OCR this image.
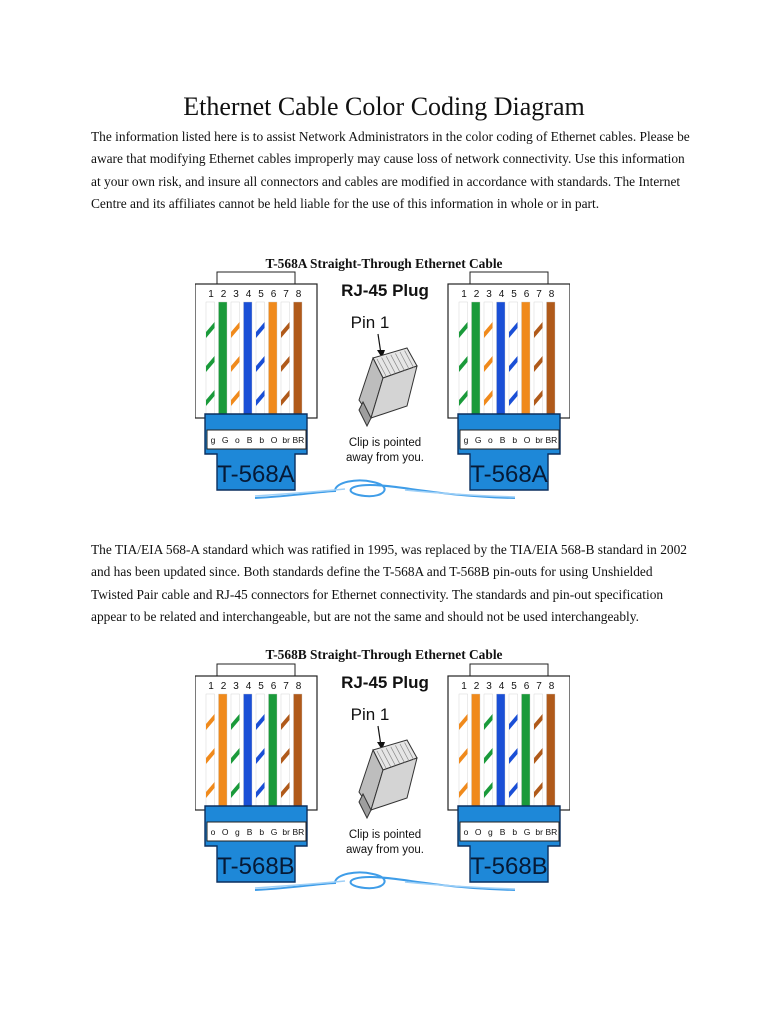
Ethernet Cable Color Coding Diagram

The information listed here is to assist Network Administrators in the color coding of Ethernet cables. Please be aware that modifying Ethernet cables improperly may cause loss of network connectivity. Use this information at your own risk, and insure all connectors and cables are modified in accordance with standards. The Internet Centre and its affiliates cannot be held liable for the use of this information in whole or in part.

T-568A Straight-Through Ethernet Cable

1 2 3 4 5 6 7 8
g G o B b O br BR
T-568A
1 2 3 4 5 6 7 8
g G o B b O br BR
T-568A
RJ-45 Plug
Pin 1
Clip is pointed
away from you.

The TIA/EIA 568-A standard which was ratified in 1995, was replaced by the TIA/EIA 568-B standard in 2002 and has been updated since. Both standards define the T-568A and T-568B pin-outs for using Unshielded Twisted Pair cable and RJ-45 connectors for Ethernet connectivity. The standards and pin-out specification appear to be related and interchangeable, but are not the same and should not be used interchangeably.

T-568B Straight-Through Ethernet Cable

1 2 3 4 5 6 7 8
o O g B b G br BR
T-568B
1 2 3 4 5 6 7 8
o O g B b G br BR
T-568B
RJ-45 Plug
Pin 1
Clip is pointed
away from you.
